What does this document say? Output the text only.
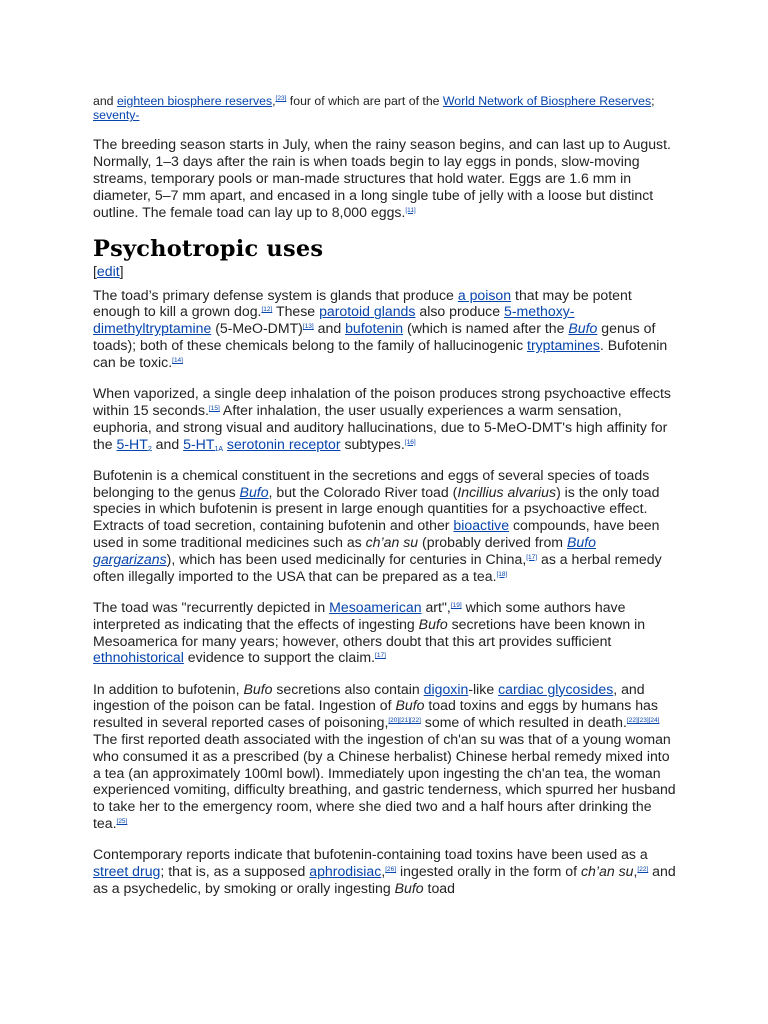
and eighteen biosphere reserves,[23] four of which are part of the World Network of Biosphere Reserves; seventy-

The breeding season starts in July, when the rainy season begins, and can last up to August. Normally, 1–3 days after the rain is when toads begin to lay eggs in ponds, slow-moving streams, temporary pools or man-made structures that hold water. Eggs are 1.6 mm in diameter, 5–7 mm apart, and encased in a long single tube of jelly with a loose but distinct outline. The female toad can lay up to 8,000 eggs.[11]

Psychotropic uses
[edit]

The toad’s primary defense system is glands that produce a poison that may be potent enough to kill a grown dog.[12] These parotoid glands also produce 5-methoxy-dimethyltryptamine (5-MeO-DMT)[13] and bufotenin (which is named after the Bufo genus of toads); both of these chemicals belong to the family of hallucinogenic tryptamines. Bufotenin can be toxic.[14]

When vaporized, a single deep inhalation of the poison produces strong psychoactive effects within 15 seconds.[15] After inhalation, the user usually experiences a warm sensation, euphoria, and strong visual and auditory hallucinations, due to 5-MeO-DMT's high affinity for the $5-HT_2$ and $5-HT_{1A}$ serotonin receptor subtypes.[16]

Bufotenin is a chemical constituent in the secretions and eggs of several species of toads belonging to the genus Bufo, but the Colorado River toad (Incillius alvarius) is the only toad species in which bufotenin is present in large enough quantities for a psychoactive effect. Extracts of toad secretion, containing bufotenin and other bioactive compounds, have been used in some traditional medicines such as ch’an su (probably derived from Bufo gargarizans), which has been used medicinally for centuries in China,[17] as a herbal remedy often illegally imported to the USA that can be prepared as a tea.[18]

The toad was "recurrently depicted in Mesoamerican art",[19] which some authors have interpreted as indicating that the effects of ingesting Bufo secretions have been known in Mesoamerica for many years; however, others doubt that this art provides sufficient ethnohistorical evidence to support the claim.[17]

In addition to bufotenin, Bufo secretions also contain digoxin-like cardiac glycosides, and ingestion of the poison can be fatal. Ingestion of Bufo toad toxins and eggs by humans has resulted in several reported cases of poisoning,[20][21][22] some of which resulted in death.[22][23][24] The first reported death associated with the ingestion of ch'an su was that of a young woman who consumed it as a prescribed (by a Chinese herbalist) Chinese herbal remedy mixed into a tea (an approximately 100ml bowl). Immediately upon ingesting the ch'an tea, the woman experienced vomiting, difficulty breathing, and gastric tenderness, which spurred her husband to take her to the emergency room, where she died two and a half hours after drinking the tea.[25]

Contemporary reports indicate that bufotenin-containing toad toxins have been used as a street drug; that is, as a supposed aphrodisiac,[26] ingested orally in the form of ch’an su,[22] and as a psychedelic, by smoking or orally ingesting Bufo toad
